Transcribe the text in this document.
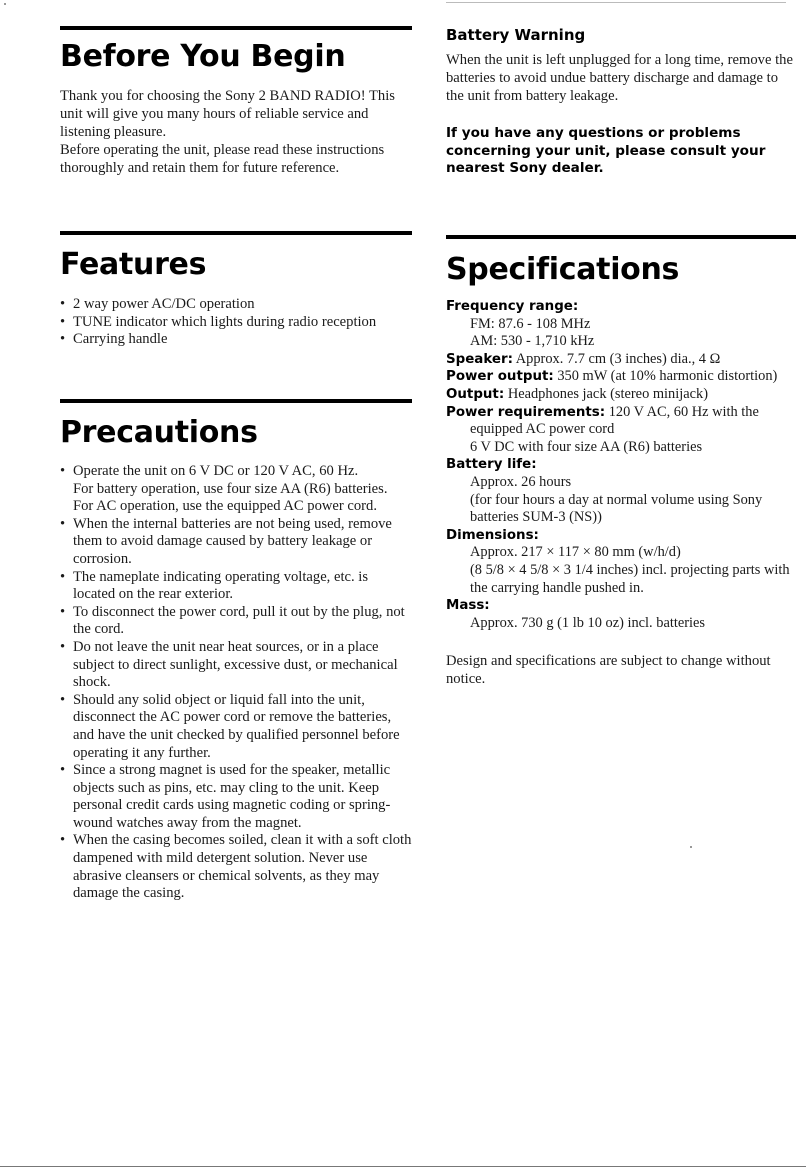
Before You Begin

Thank you for choosing the Sony 2 BAND RADIO! This unit will give you many hours of reliable service and listening pleasure.

Before operating the unit, please read these instructions thoroughly and retain them for future reference.

Features
• 2 way power AC/DC operation
• TUNE indicator which lights during radio reception
• Carrying handle
Precautions
• Operate the unit on 6 V DC or 120 V AC, 60 Hz.
For battery operation, use four size AA (R6) batteries.
For AC operation, use the equipped AC power cord.
• When the internal batteries are not being used, remove them to avoid damage caused by battery leakage or corrosion.
• The nameplate indicating operating voltage, etc. is located on the rear exterior.
• To disconnect the power cord, pull it out by the plug, not the cord.
• Do not leave the unit near heat sources, or in a place subject to direct sunlight, excessive dust, or mechanical shock.
• Should any solid object or liquid fall into the unit, disconnect the AC power cord or remove the batteries, and have the unit checked by qualified personnel before operating it any further.
• Since a strong magnet is used for the speaker, metallic objects such as pins, etc. may cling to the unit. Keep personal credit cards using magnetic coding or spring-wound watches away from the magnet.
• When the casing becomes soiled, clean it with a soft cloth dampened with mild detergent solution. Never use abrasive cleansers or chemical solvents, as they may damage the casing.
Battery Warning

When the unit is left unplugged for a long time, remove the batteries to avoid undue battery discharge and damage to the unit from battery leakage.

If you have any questions or problems concerning your unit, please consult your nearest Sony dealer.

Specifications
Frequency range:
FM: 87.6 - 108 MHz
AM: 530 - 1,710 kHz
Speaker: Approx. 7.7 cm (3 inches) dia., 4 Ω
Power output: 350 mW (at 10% harmonic distortion)
Output: Headphones jack (stereo minijack)
Power requirements: 120 V AC, 60 Hz with the equipped AC power cord
6 V DC with four size AA (R6) batteries
Battery life:
Approx. 26 hours
(for four hours a day at normal volume using Sony batteries SUM-3 (NS))
Dimensions:
Approx. 217 × 117 × 80 mm (w/h/d)
(8 5/8 × 4 5/8 × 3 1/4 inches) incl. projecting parts with the carrying handle pushed in.
Mass:
Approx. 730 g (1 lb 10 oz) incl. batteries

Design and specifications are subject to change without notice.
